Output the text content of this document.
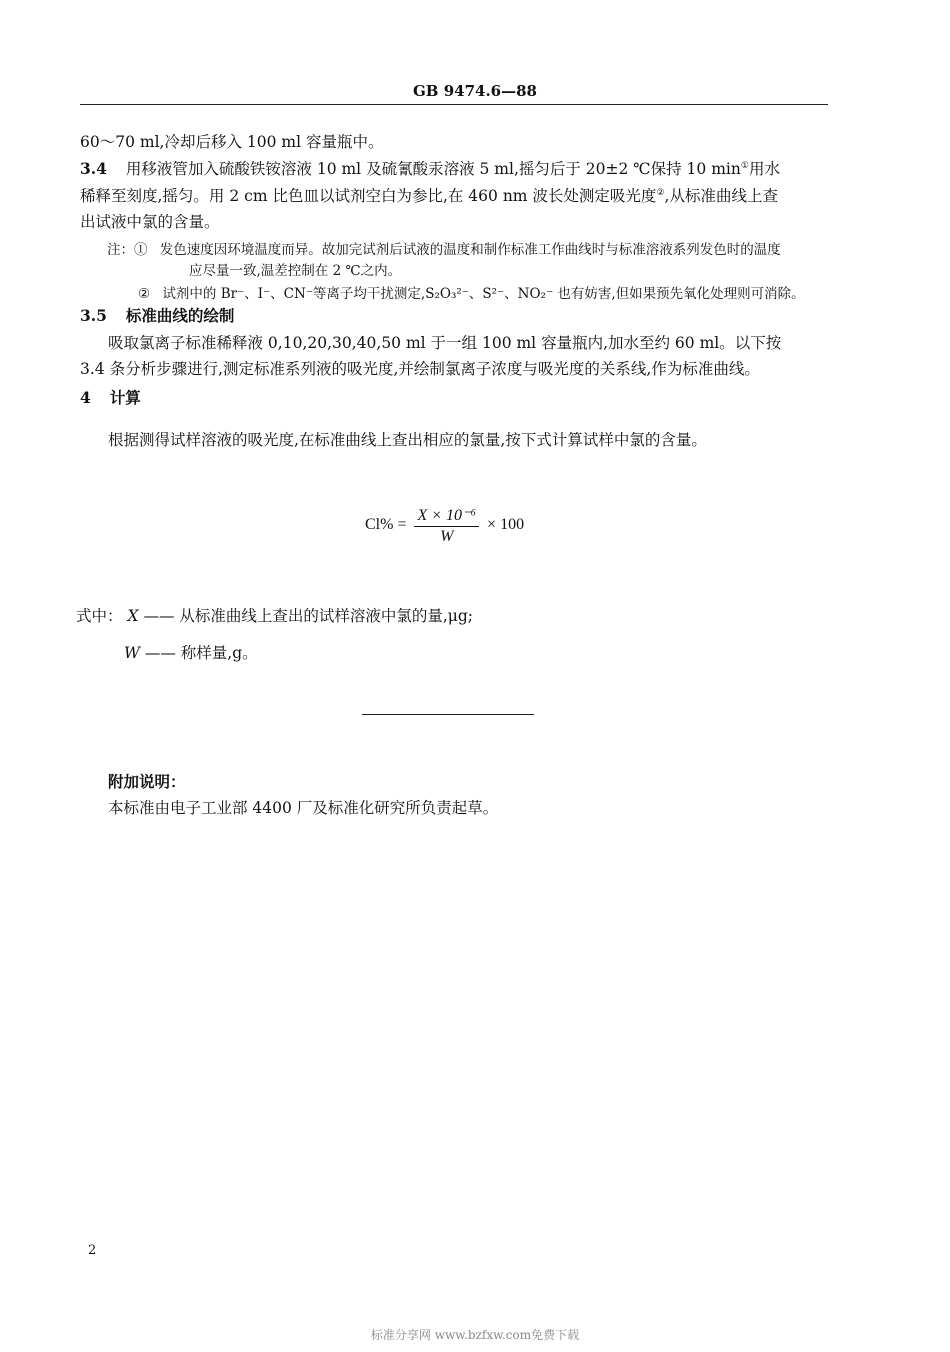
GB 9474.6—88
60～70 ml,冷却后移入 100 ml 容量瓶中。
3.4 用移液管加入硫酸铁铵溶液 10 ml 及硫氰酸汞溶液 5 ml,摇匀后于 20±2 ℃保持 10 min①用水
稀释至刻度,摇匀。用 2 cm 比色皿以试剂空白为参比,在 460 nm 波长处测定吸光度②,从标准曲线上查
出试液中氯的含量。
注：① 发色速度因环境温度而异。故加完试剂后试液的温度和制作标准工作曲线时与标准溶液系列发色时的温度
应尽量一致,温差控制在 2 ℃之内。
② 试剂中的 Br⁻、I⁻、CN⁻等离子均干扰测定,S₂O₃²⁻、S²⁻、NO₂⁻ 也有妨害,但如果预先氧化处理则可消除。
3.5 标准曲线的绘制
吸取氯离子标准稀释液 0,10,20,30,40,50 ml 于一组 100 ml 容量瓶内,加水至约 60 ml。以下按
3.4 条分析步骤进行,测定标准系列液的吸光度,并绘制氯离子浓度与吸光度的关系线,作为标准曲线。
4 计算
根据测得试样溶液的吸光度,在标准曲线上查出相应的氯量,按下式计算试样中氯的含量。
$Cl\% = \frac{\text{X × 10⁻⁶}}{W} \times 100$
式中： X —— 从标准曲线上查出的试样溶液中氯的量,μg;
W —— 称样量,g。
附加说明：
本标准由电子工业部 4400 厂及标准化研究所负责起草。
2
标准分享网 www.bzfxw.com免费下载
